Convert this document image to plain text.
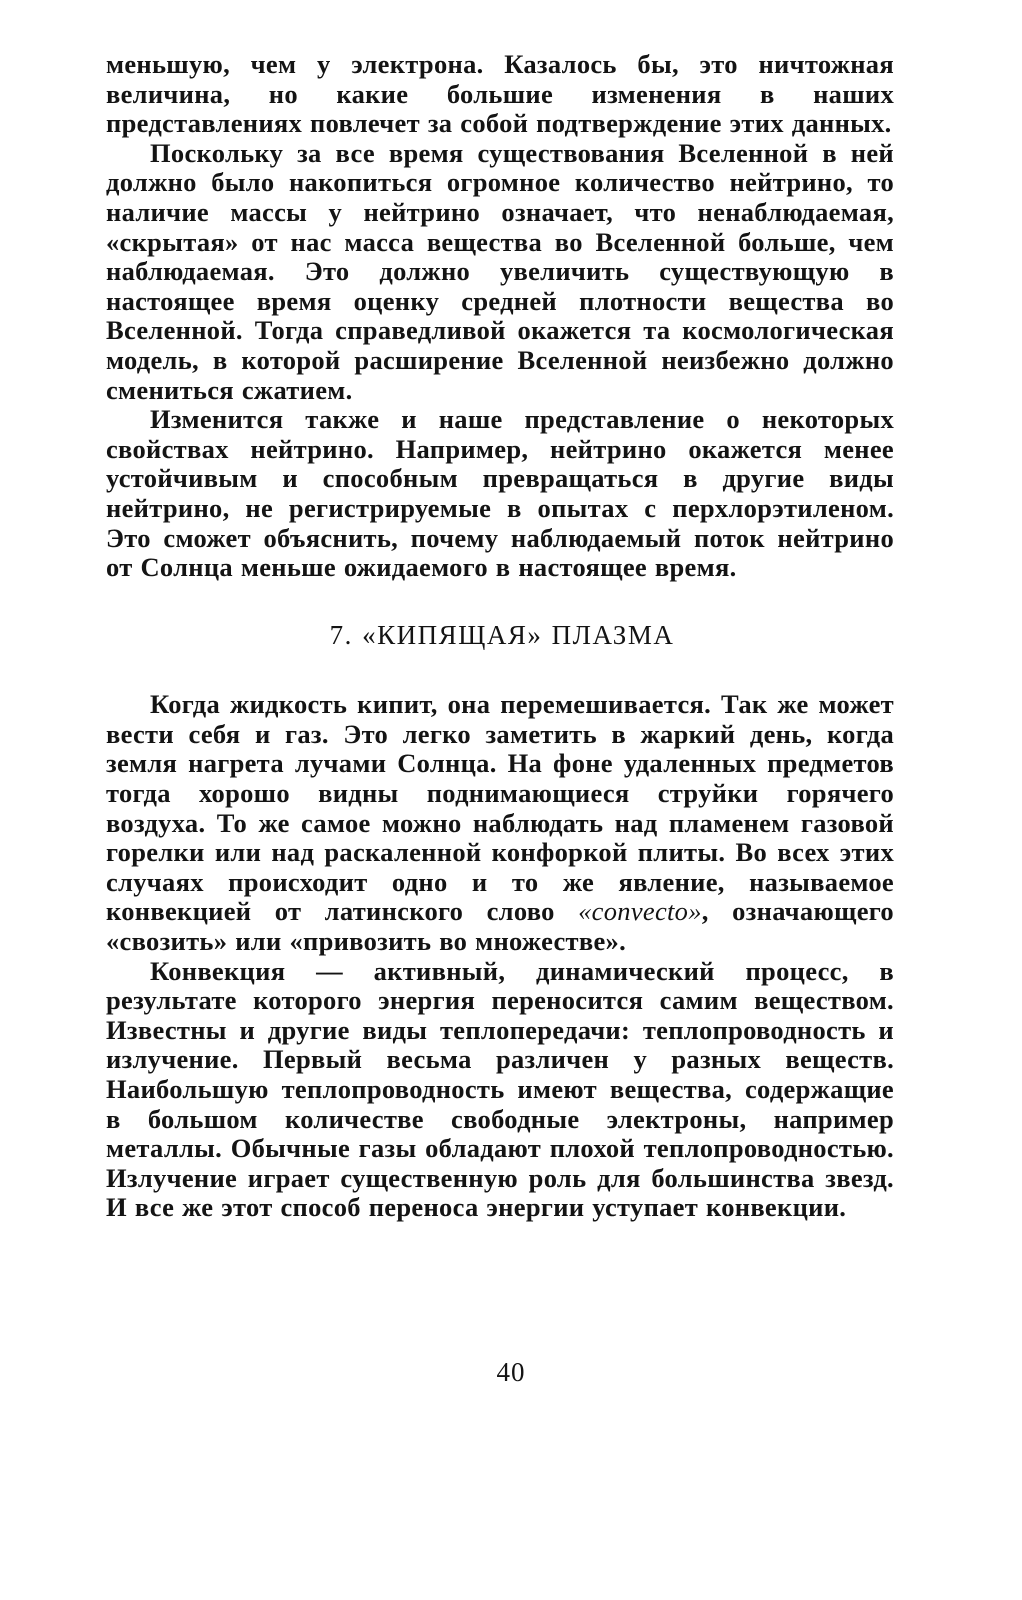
меньшую, чем у электрона. Казалось бы, это ничтожная величина, но какие большие изменения в наших представлениях повлечет за собой подтверждение этих данных.

Поскольку за все время существования Вселенной в ней должно было накопиться огромное количество нейтрино, то наличие массы у нейтрино означает, что ненаблюдаемая, «скрытая» от нас масса вещества во Вселенной больше, чем наблюдаемая. Это должно увеличить существующую в настоящее время оценку средней плотности вещества во Вселенной. Тогда справедливой окажется та космологическая модель, в которой расширение Вселенной неизбежно должно смениться сжатием.

Изменится также и наше представление о некоторых свойствах нейтрино. Например, нейтрино окажется менее устойчивым и способным превращаться в другие виды нейтрино, не регистрируемые в опытах с перхлорэтиленом. Это сможет объяснить, почему наблюдаемый поток нейтрино от Солнца меньше ожидаемого в настоящее время.

7. «КИПЯЩАЯ» ПЛАЗМА

Когда жидкость кипит, она перемешивается. Так же может вести себя и газ. Это легко заметить в жаркий день, когда земля нагрета лучами Солнца. На фоне удаленных предметов тогда хорошо видны поднимающиеся струйки горячего воздуха. То же самое можно наблюдать над пламенем газовой горелки или над раскаленной конфоркой плиты. Во всех этих случаях происходит одно и то же явление, называемое конвекцией от латинского слово «convecto», означающего «свозить» или «привозить во множестве».

Конвекция — активный, динамический процесс, в результате которого энергия переносится самим веществом. Известны и другие виды теплопередачи: теплопроводность и излучение. Первый весьма различен у разных веществ. Наибольшую теплопроводность имеют вещества, содержащие в большом количестве свободные электроны, например металлы. Обычные газы обладают плохой теплопроводностью. Излучение играет существенную роль для большинства звезд. И все же этот способ переноса энергии уступает конвекции.

40
